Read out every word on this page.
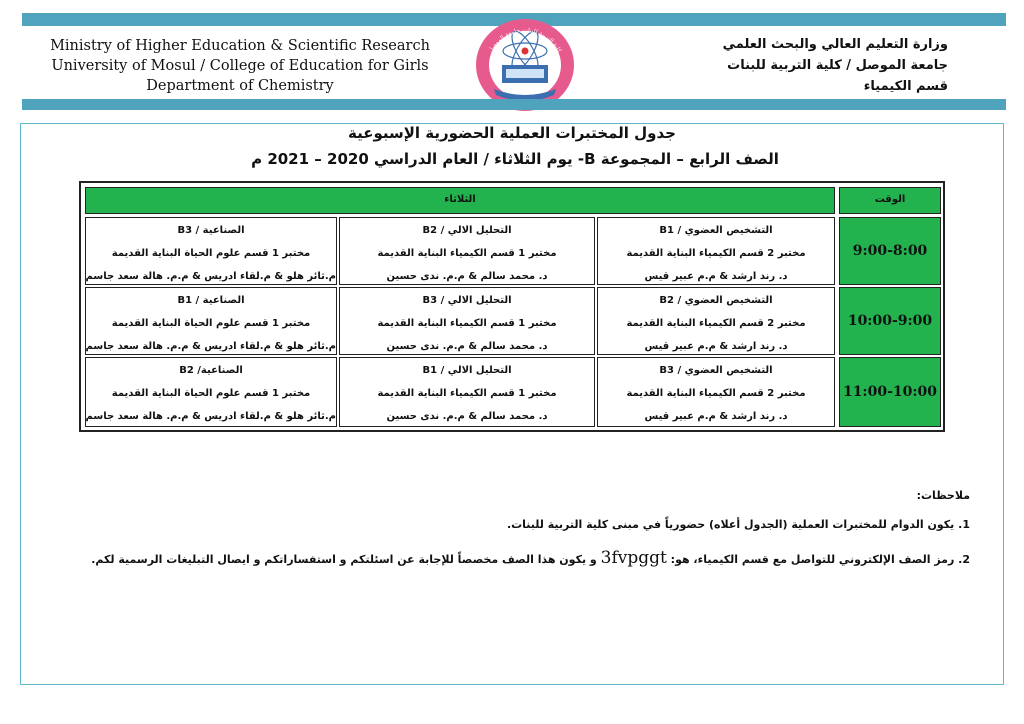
Ministry of Higher Education & Scientific Research
University of Mosul / College of Education for Girls
Department of Chemistry
كلية التربية للبنات جامعة الموصل	وزارة التعليم العالي والبحث العلمي
جامعة الموصل / كلية التربية للبنات
قسم الكيمياء
جدول المختبرات العملية الحضورية الإسبوعية
الصف الرابع – المجموعة B- يوم الثلاثاء / العام الدراسي 2020 – 2021 م
الثلاثاء	الوقت
التشخيص العضوي / B1
مختبر 2 قسم الكيمياء البناية القديمة
د. رند ارشد & م.م عبير قيس
التحليل الالي / B2
مختبر 1 قسم الكيمياء البناية القديمة
د. محمد سالم & م.م. ندى حسين
الصناعية / B3
مختبر 1 قسم علوم الحياة البناية القديمة
م.ثائر هلو & م.لقاء ادريس & م.م. هالة سعد جاسم
9:00-8:00
التشخيص العضوي / B2
مختبر 2 قسم الكيمياء البناية القديمة
د. رند ارشد & م.م عبير قيس
التحليل الالي / B3
مختبر 1 قسم الكيمياء البناية القديمة
د. محمد سالم & م.م. ندى حسين
الصناعية / B1
مختبر 1 قسم علوم الحياة البناية القديمة
م.ثائر هلو & م.لقاء ادريس & م.م. هالة سعد جاسم
10:00-9:00
التشخيص العضوي / B3
مختبر 2 قسم الكيمياء البناية القديمة
د. رند ارشد & م.م عبير قيس
التحليل الالي / B1
مختبر 1 قسم الكيمياء البناية القديمة
د. محمد سالم & م.م. ندى حسين
الصناعية/ B2
مختبر 1 قسم علوم الحياة البناية القديمة
م.ثائر هلو & م.لقاء ادريس & م.م. هالة سعد جاسم
11:00-10:00
ملاحظات:
1. يكون الدوام للمختبرات العملية (الجدول أعلاه) حضورياً في مبنى كلية التربية للبنات.
2. رمز الصف الإلكتروني للتواصل مع قسم الكيمياء، هو: 3fvpggt و يكون هذا الصف مخصصاً للإجابة عن اسئلتكم و استفساراتكم و ايصال التبليغات الرسمية لكم.
